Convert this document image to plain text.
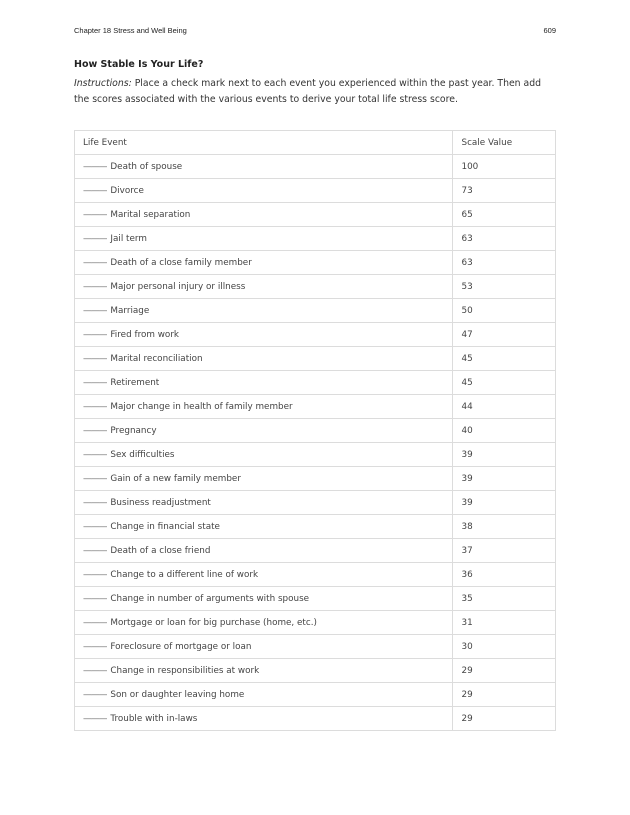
Chapter 18 Stress and Well Being	609
How Stable Is Your Life?
Instructions: Place a check mark next to each event you experienced within the past year. Then add the scores associated with the various events to derive your total life stress score.
Life Event	Scale Value
——— Death of spouse	100
——— Divorce	73
——— Marital separation	65
——— Jail term	63
——— Death of a close family member	63
——— Major personal injury or illness	53
——— Marriage	50
——— Fired from work	47
——— Marital reconciliation	45
——— Retirement	45
——— Major change in health of family member	44
——— Pregnancy	40
——— Sex difficulties	39
——— Gain of a new family member	39
——— Business readjustment	39
——— Change in financial state	38
——— Death of a close friend	37
——— Change to a different line of work	36
——— Change in number of arguments with spouse	35
——— Mortgage or loan for big purchase (home, etc.)	31
——— Foreclosure of mortgage or loan	30
——— Change in responsibilities at work	29
——— Son or daughter leaving home	29
——— Trouble with in-laws	29
